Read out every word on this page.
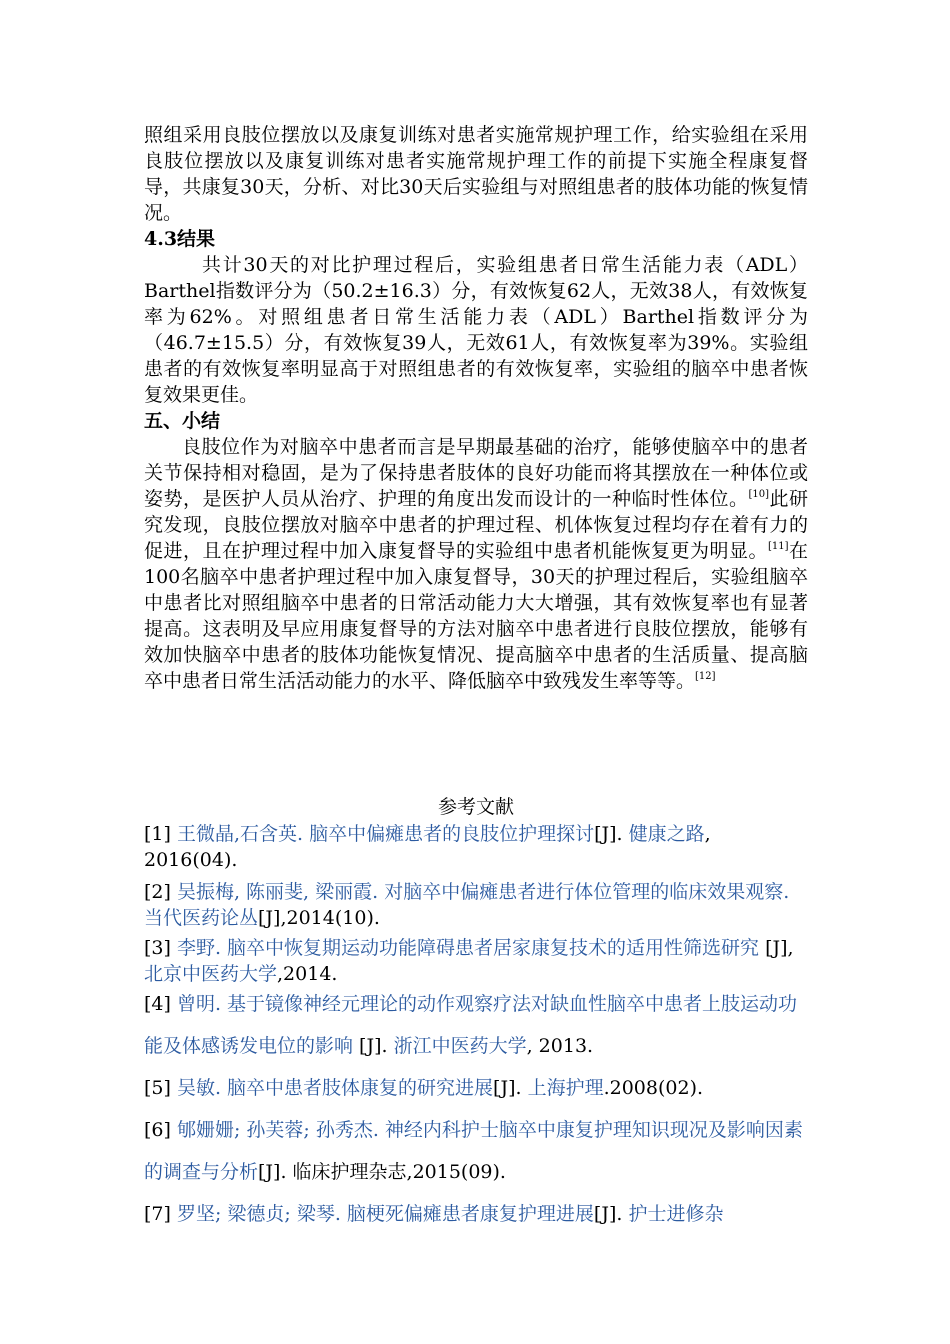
照组采用良肢位摆放以及康复训练对患者实施常规护理工作，给实验组在采用良肢位摆放以及康复训练对患者实施常规护理工作的前提下实施全程康复督导，共康复30天，分析、对比30天后实验组与对照组患者的肢体功能的恢复情况。

4.3结果

共计30天的对比护理过程后，实验组患者日常生活能力表（ADL）Barthel指数评分为（50.2±16.3）分，有效恢复62人，无效38人，有效恢复率为62%。对照组患者日常生活能力表（ADL）Barthel指数评分为（46.7±15.5）分，有效恢复39人，无效61人，有效恢复率为39%。实验组患者的有效恢复率明显高于对照组患者的有效恢复率，实验组的脑卒中患者恢复效果更佳。

五、小结

良肢位作为对脑卒中患者而言是早期最基础的治疗，能够使脑卒中的患者关节保持相对稳固，是为了保持患者肢体的良好功能而将其摆放在一种体位或姿势，是医护人员从治疗、护理的角度出发而设计的一种临时性体位。[10]此研究发现，良肢位摆放对脑卒中患者的护理过程、机体恢复过程均存在着有力的促进，且在护理过程中加入康复督导的实验组中患者机能恢复更为明显。[11]在100名脑卒中患者护理过程中加入康复督导，30天的护理过程后，实验组脑卒中患者比对照组脑卒中患者的日常活动能力大大增强，其有效恢复率也有显著提高。这表明及早应用康复督导的方法对脑卒中患者进行良肢位摆放，能够有效加快脑卒中患者的肢体功能恢复情况、提高脑卒中患者的生活质量、提高脑卒中患者日常生活活动能力的水平、降低脑卒中致残发生率等等。[12]

参考文献

[1] 王微晶,石含英. 脑卒中偏瘫患者的良肢位护理探讨[J]. 健康之路, 2016(04).

[2] 吴振梅, 陈丽斐, 梁丽霞. 对脑卒中偏瘫患者进行体位管理的临床效果观察. 当代医药论丛[J],2014(10).

[3] 李野. 脑卒中恢复期运动功能障碍患者居家康复技术的适用性筛选研究 [J], 北京中医药大学,2014.

[4] 曾明. 基于镜像神经元理论的动作观察疗法对缺血性脑卒中患者上肢运动功能及体感诱发电位的影响 [J]. 浙江中医药大学, 2013.

[5] 吴敏. 脑卒中患者肢体康复的研究进展[J]. 上海护理.2008(02).

[6] 郇姗姗; 孙芙蓉; 孙秀杰. 神经内科护士脑卒中康复护理知识现况及影响因素的调查与分析[J]. 临床护理杂志,2015(09).

[7] 罗坚; 梁德贞; 梁琴. 脑梗死偏瘫患者康复护理进展[J]. 护士进修杂
